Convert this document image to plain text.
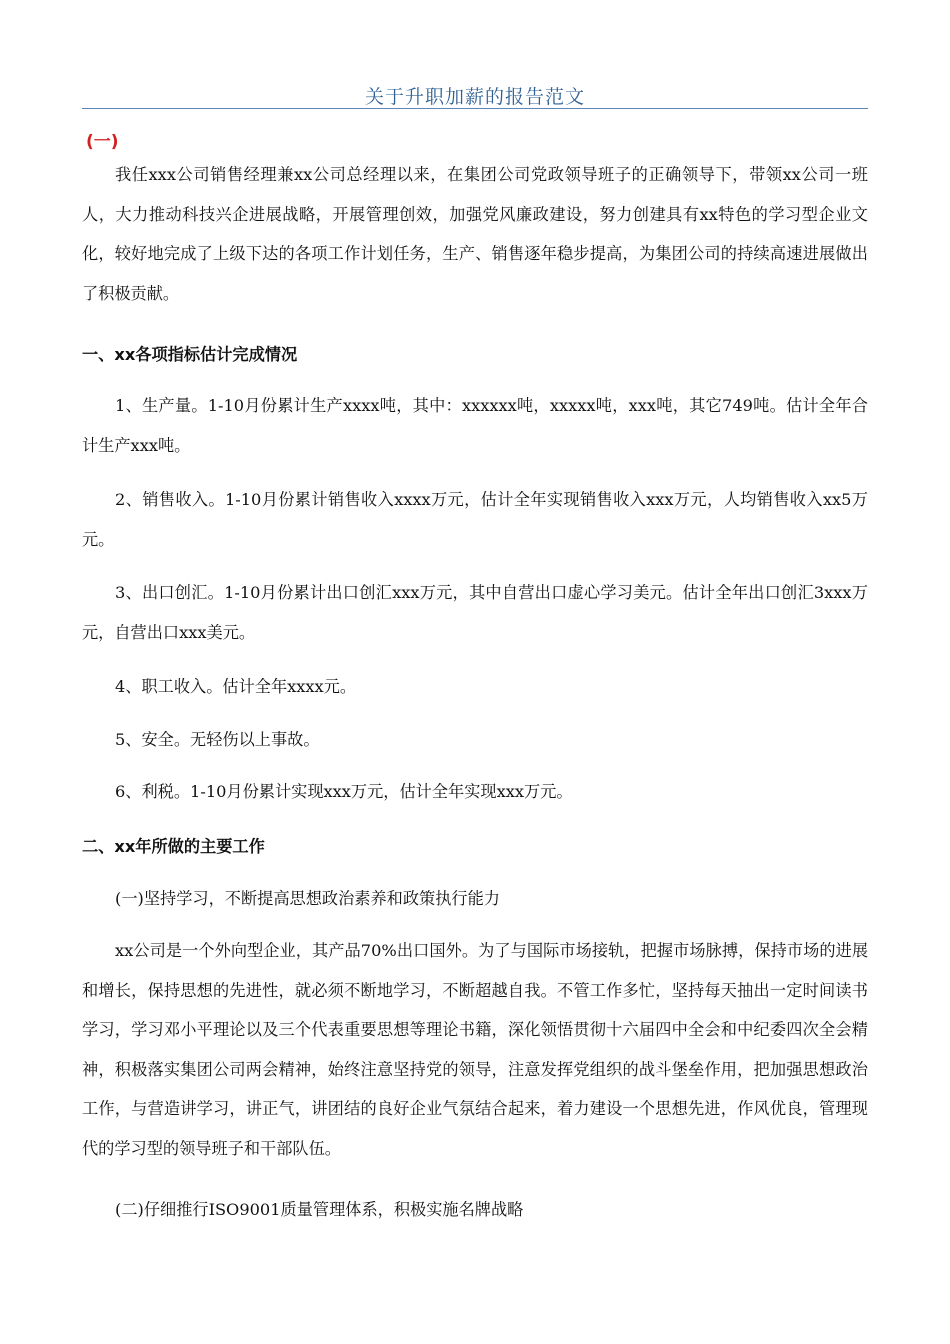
关于升职加薪的报告范文
(一)

我任xxx公司销售经理兼xx公司总经理以来，在集团公司党政领导班子的正确领导下，带领xx公司一班人，大力推动科技兴企进展战略，开展管理创效，加强党风廉政建设，努力创建具有xx特色的学习型企业文化，较好地完成了上级下达的各项工作计划任务，生产、销售逐年稳步提高，为集团公司的持续高速进展做出了积极贡献。

一、xx各项指标估计完成情况

1、生产量。1-10月份累计生产xxxx吨，其中：xxxxxx吨，xxxxx吨，xxx吨，其它749吨。估计全年合计生产xxx吨。

2、销售收入。1-10月份累计销售收入xxxx万元，估计全年实现销售收入xxx万元，人均销售收入xx5万元。

3、出口创汇。1-10月份累计出口创汇xxx万元，其中自营出口虚心学习美元。估计全年出口创汇3xxx万元，自营出口xxx美元。

4、职工收入。估计全年xxxx元。

5、安全。无轻伤以上事故。

6、利税。1-10月份累计实现xxx万元，估计全年实现xxx万元。

二、xx年所做的主要工作

(一)坚持学习，不断提高思想政治素养和政策执行能力

xx公司是一个外向型企业，其产品70%出口国外。为了与国际市场接轨，把握市场脉搏，保持市场的进展和增长，保持思想的先进性，就必须不断地学习，不断超越自我。不管工作多忙，坚持每天抽出一定时间读书学习，学习邓小平理论以及三个代表重要思想等理论书籍，深化领悟贯彻十六届四中全会和中纪委四次全会精神，积极落实集团公司两会精神，始终注意坚持党的领导，注意发挥党组织的战斗堡垒作用，把加强思想政治工作，与营造讲学习，讲正气，讲团结的良好企业气氛结合起来，着力建设一个思想先进，作风优良，管理现代的学习型的领导班子和干部队伍。

(二)仔细推行ISO9001质量管理体系，积极实施名牌战略
